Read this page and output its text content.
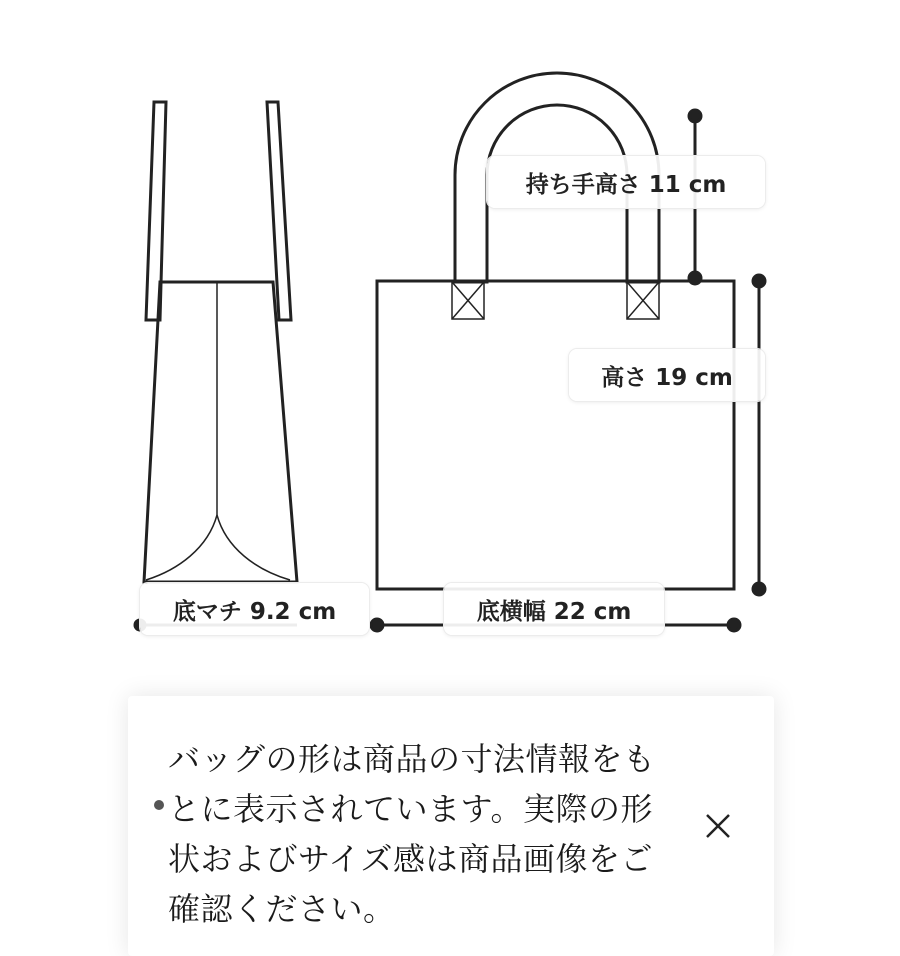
持ち手高さ 11 cm
高さ 19 cm
底マチ 9.2 cm	底横幅 22 cm
バッグの形は商品の寸法情報をもとに表示されています。実際の形状およびサイズ感は商品画像をご確認ください。
